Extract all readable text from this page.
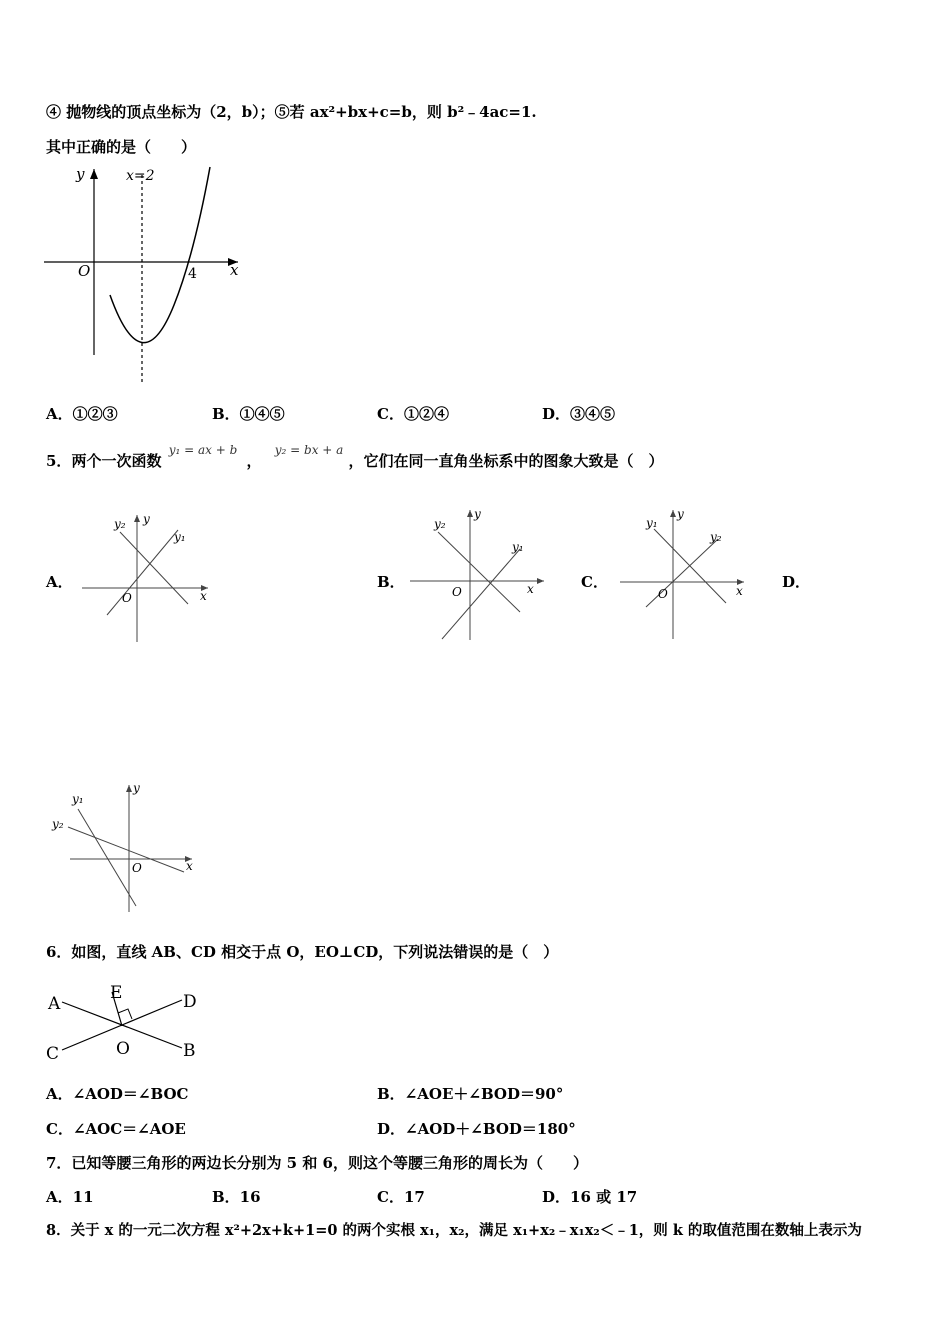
④ 抛物线的顶点坐标为（2，b）；⑤若 ax²+bx+c=b，则 b²﹣4ac=1.
其中正确的是（　　）
y	x=2
x
O	4
A．①②③	B．①④⑤	C．①②④	D．③④⑤
5．两个一次函数 $^{y_1 = ax + b}$ ， $^{y_2 = bx + a}$ ，它们在同一直角坐标系中的图象大致是（　）
A．	B．	C．	D．
y₂ y
y₁
O	x
y₂
y
y₁
O	x
y₁
y
y₂
O	x
y₁
y₂
y
O	x
6．如图，直线 AB、CD 相交于点 O，EO⊥CD，下列说法错误的是（　）
A
C
E	D
B
O
A．∠AOD＝∠BOC	B．∠AOE＋∠BOD＝90°
C．∠AOC＝∠AOE	D．∠AOD＋∠BOD＝180°
7．已知等腰三角形的两边长分别为 5 和 6，则这个等腰三角形的周长为（　　）
A．11	B．16	C．17	D．16 或 17
8．关于 x 的一元二次方程 x²+2x+k+1=0 的两个实根 x₁，x₂，满足 x₁+x₂﹣x₁x₂＜﹣1，则 k 的取值范围在数轴上表示为
